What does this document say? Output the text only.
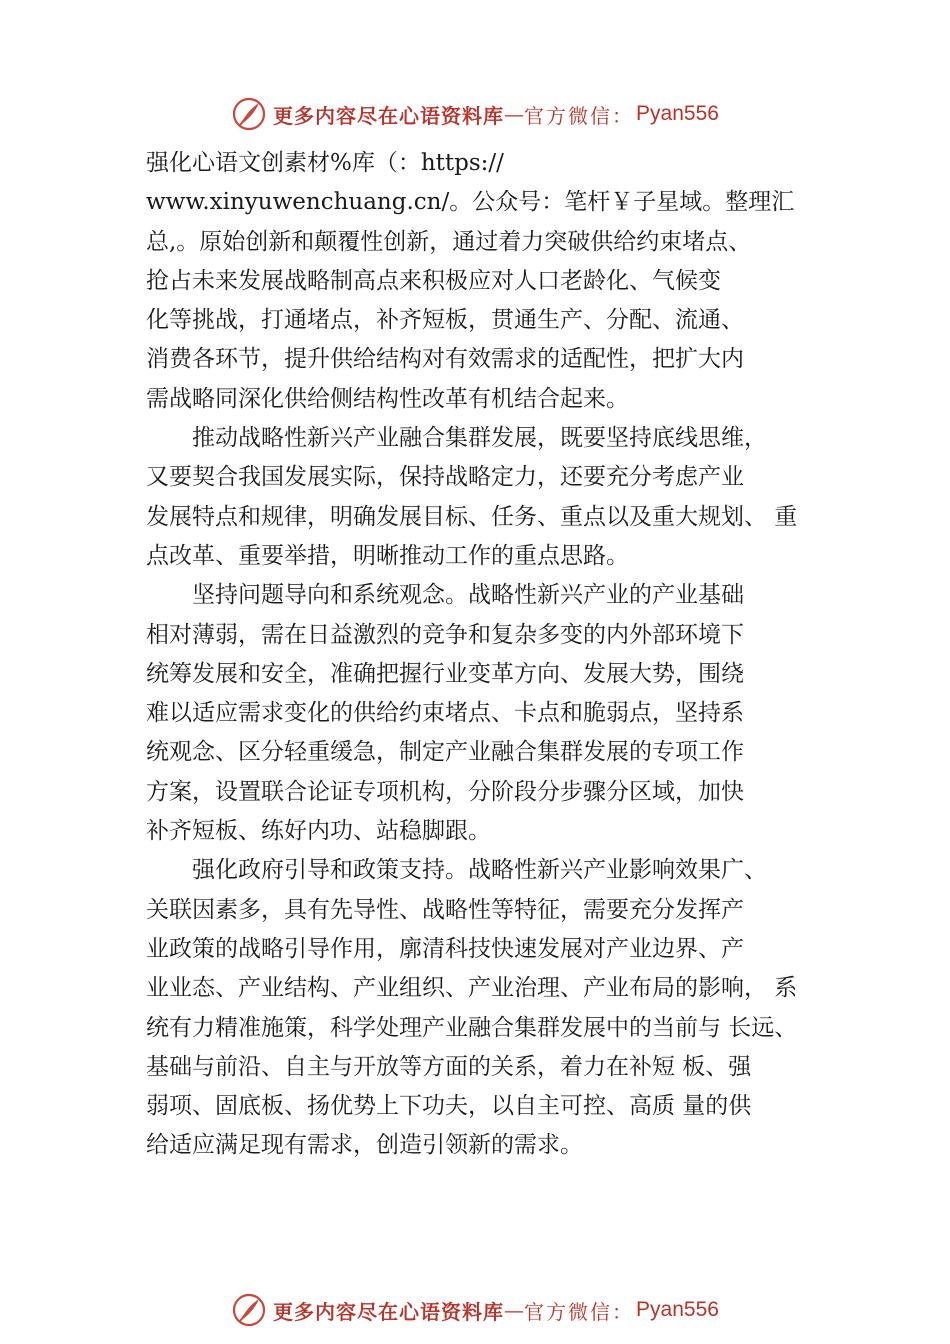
更多内容尽在心语资料库 — 官方微信： Pyan556
强化心语文创素材%库（：https://
www.xinyuwenchuang.cn/。公众号：笔杆￥子星域。整理汇
总,。原始创新和颠覆性创新，通过着力突破供给约束堵点、
抢占未来发展战略制高点来积极应对人口老龄化、气候变
化等挑战，打通堵点，补齐短板，贯通生产、分配、流通、
消费各环节，提升供给结构对有效需求的适配性，把扩大内
需战略同深化供给侧结构性改革有机结合起来。
　　推动战略性新兴产业融合集群发展，既要坚持底线思维，
又要契合我国发展实际，保持战略定力，还要充分考虑产业
发展特点和规律，明确发展目标、任务、重点以及重大规划、 重
点改革、重要举措，明晰推动工作的重点思路。
　　坚持问题导向和系统观念。战略性新兴产业的产业基础
相对薄弱，需在日益激烈的竞争和复杂多变的内外部环境下
统筹发展和安全，准确把握行业变革方向、发展大势，围绕
难以适应需求变化的供给约束堵点、卡点和脆弱点，坚持系
统观念、区分轻重缓急，制定产业融合集群发展的专项工作
方案，设置联合论证专项机构，分阶段分步骤分区域，加快
补齐短板、练好内功、站稳脚跟。
　　强化政府引导和政策支持。战略性新兴产业影响效果广、
关联因素多，具有先导性、战略性等特征，需要充分发挥产
业政策的战略引导作用，廓清科技快速发展对产业边界、产
业业态、产业结构、产业组织、产业治理、产业布局的影响， 系
统有力精准施策，科学处理产业融合集群发展中的当前与 长远、
基础与前沿、自主与开放等方面的关系，着力在补短 板、强
弱项、固底板、扬优势上下功夫，以自主可控、高质 量的供
给适应满足现有需求，创造引领新的需求。
更多内容尽在心语资料库 — 官方微信： Pyan556
